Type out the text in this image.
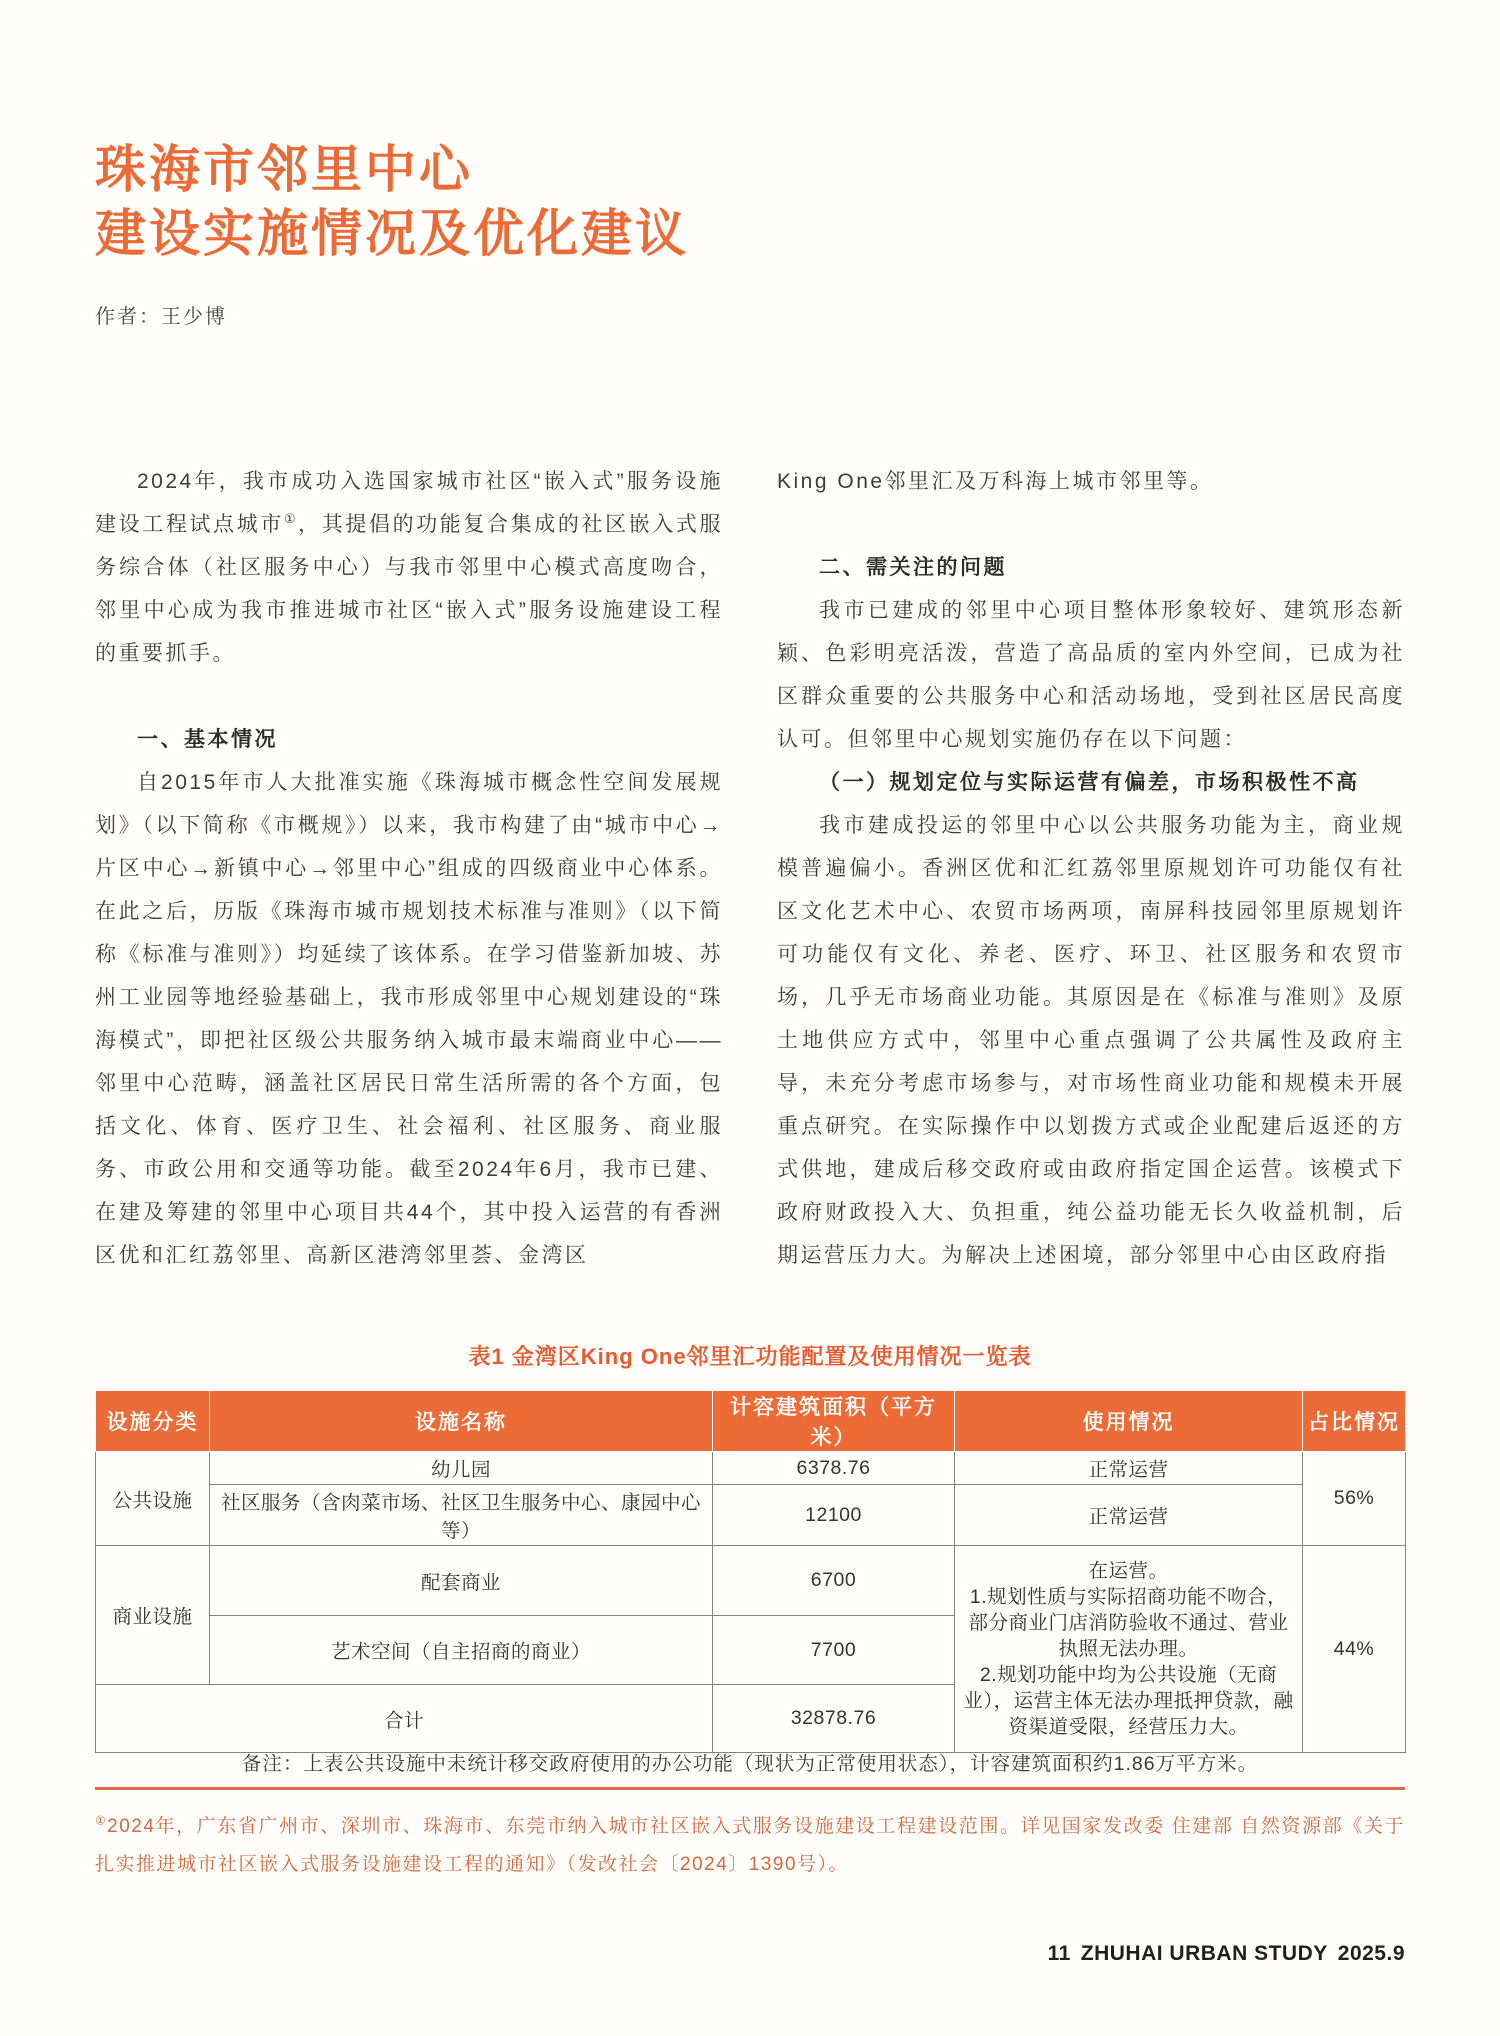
珠海市邻里中心
建设实施情况及优化建议
作者：王少博

2024年，我市成功入选国家城市社区“嵌入式”服务设施建设工程试点城市①，其提倡的功能复合集成的社区嵌入式服务综合体（社区服务中心）与我市邻里中心模式高度吻合，邻里中心成为我市推进城市社区“嵌入式”服务设施建设工程的重要抓手。

一、基本情况

自2015年市人大批准实施《珠海城市概念性空间发展规划》（以下简称《市概规》）以来，我市构建了由“城市中心→片区中心→新镇中心→邻里中心”组成的四级商业中心体系。在此之后，历版《珠海市城市规划技术标准与准则》（以下简称《标准与准则》）均延续了该体系。在学习借鉴新加坡、苏州工业园等地经验基础上，我市形成邻里中心规划建设的“珠海模式”，即把社区级公共服务纳入城市最末端商业中心——邻里中心范畴，涵盖社区居民日常生活所需的各个方面，包括文化、体育、医疗卫生、社会福利、社区服务、商业服务、市政公用和交通等功能。截至2024年6月，我市已建、在建及筹建的邻里中心项目共44个，其中投入运营的有香洲区优和汇红荔邻里、高新区港湾邻里荟、金湾区

King One邻里汇及万科海上城市邻里等。

二、需关注的问题

我市已建成的邻里中心项目整体形象较好、建筑形态新颖、色彩明亮活泼，营造了高品质的室内外空间，已成为社区群众重要的公共服务中心和活动场地，受到社区居民高度认可。但邻里中心规划实施仍存在以下问题：

（一）规划定位与实际运营有偏差，市场积极性不高

我市建成投运的邻里中心以公共服务功能为主，商业规模普遍偏小。香洲区优和汇红荔邻里原规划许可功能仅有社区文化艺术中心、农贸市场两项，南屏科技园邻里原规划许可功能仅有文化、养老、医疗、环卫、社区服务和农贸市场，几乎无市场商业功能。其原因是在《标准与准则》及原土地供应方式中，邻里中心重点强调了公共属性及政府主导，未充分考虑市场参与，对市场性商业功能和规模未开展重点研究。在实际操作中以划拨方式或企业配建后返还的方式供地，建成后移交政府或由政府指定国企运营。该模式下政府财政投入大、负担重，纯公益功能无长久收益机制，后期运营压力大。为解决上述困境，部分邻里中心由区政府指

表1 金湾区King One邻里汇功能配置及使用情况一览表
设施分类	设施名称	计容建筑面积（平方米）	使用情况	占比情况
公共设施	幼儿园	6378.76	正常运营	56%
	社区服务（含肉菜市场、社区卫生服务中心、康园中心等）	12100	正常运营	
商业设施	配套商业	6700	在运营。
1.规划性质与实际招商功能不吻合，部分商业门店消防验收不通过、营业执照无法办理。
2.规划功能中均为公共设施（无商业），运营主体无法办理抵押贷款，融资渠道受限，经营压力大。	44%
	艺术空间（自主招商的商业）	7700		
合计		32878.76		
备注：上表公共设施中未统计移交政府使用的办公功能（现状为正常使用状态），计容建筑面积约1.86万平方米。
①2024年，广东省广州市、深圳市、珠海市、东莞市纳入城市社区嵌入式服务设施建设工程建设范围。详见国家发改委 住建部 自然资源部《关于扎实推进城市社区嵌入式服务设施建设工程的通知》（发改社会〔2024〕1390号）。
11 ZHUHAI URBAN STUDY 2025.9
